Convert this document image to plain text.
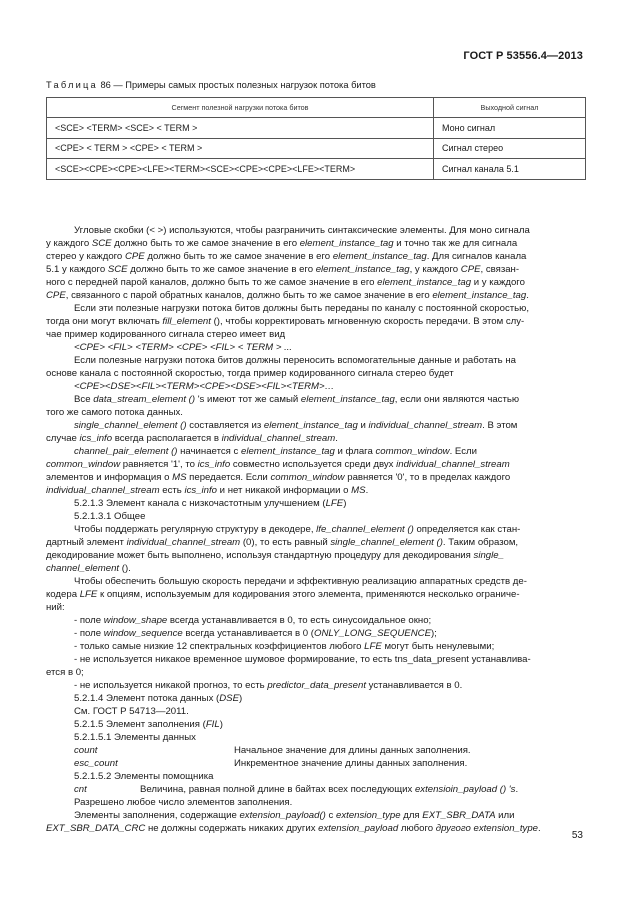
ГОСТ Р 53556.4—2013
Таблица 86 — Примеры самых простых полезных нагрузок потока битов
Сегмент полезной нагрузки потока битов	Выходной сигнал
<SCE> <TERM> <SCE> < TERM >	Моно сигнал
<CPE> < TERM > <CPE> < TERM >	Сигнал стерео
<SCE><CPE><CPE><LFE><TERM><SCE><CPE><CPE><LFE><TERM>	Сигнал канала 5.1

Угловые скобки (< >) используются, чтобы разграничить синтаксические элементы. Для моно сигнала

у каждого SCE должно быть то же самое значение в его element_instance_tag и точно так же для сигнала

стерео у каждого CPE должно быть то же самое значение в его element_instance_tag. Для сигналов канала

5.1 у каждого SCE должно быть то же самое значение в его element_instance_tag, у каждого CPE, связан-

ного с передней парой каналов, должно быть то же самое значение в его element_instance_tag и у каждого

CPE, связанного с парой обратных каналов, должно быть то же самое значение в его element_instance_tag.

Если эти полезные нагрузки потока битов должны быть переданы по каналу с постоянной скоростью,

тогда они могут включать fill_element (), чтобы корректировать мгновенную скорость передачи. В этом слу-

чае пример кодированного сигнала стерео имеет вид

<CPE> <FIL> <TERM> <CPE> <FIL> < TERM > ...

Если полезные нагрузки потока битов должны переносить вспомогательные данные и работать на

основе канала с постоянной скоростью, тогда пример кодированного сигнала стерео будет

<CPE><DSE><FIL><TERM><CPE><DSE><FIL><TERM>…

Все data_stream_element () 's имеют тот же самый element_instance_tag, если они являются частью

того же самого потока данных.

single_channel_element () составляется из element_instance_tag и individual_channel_stream. В этом

случае ics_info всегда располагается в individual_channel_stream.

channel_pair_element () начинается с element_instance_tag и флага common_window. Если

common_window равняется '1', то ics_info совместно используется среди двух individual_channel_stream

элементов и информация о MS передается. Если common_window равняется '0', то в пределах каждого

individual_channel_stream есть ics_info и нет никакой информации о MS.

5.2.1.3 Элемент канала с низкочастотным улучшением (LFE)

5.2.1.3.1 Общее

Чтобы поддержать регулярную структуру в декодере, lfe_channel_element () определяется как стан-

дартный элемент individual_channel_stream (0), то есть равный single_channel_element (). Таким образом,

декодирование может быть выполнено, используя стандартную процедуру для декодирования single_

channel_element ().

Чтобы обеспечить большую скорость передачи и эффективную реализацию аппаратных средств де-

кодера LFE к опциям, используемым для кодирования этого элемента, применяются несколько ограниче-

ний:

- поле window_shape всегда устанавливается в 0, то есть синусоидальное окно;

- поле window_sequence всегда устанавливается в 0 (ONLY_LONG_SEQUENCE);

- только самые низкие 12 спектральных коэффициентов любого LFE могут быть ненулевыми;

- не используется никакое временное шумовое формирование, то есть tns_data_present устанавлива-

ется в 0;

- не используется никакой прогноз, то есть predictor_data_present устанавливается в 0.

5.2.1.4 Элемент потока данных (DSE)

См. ГОСТ Р 54713—2011.

5.2.1.5 Элемент заполнения (FIL)

5.2.1.5.1 Элементы данных

count	Начальное значение для длины данных заполнения.
esc_count	Инкрементное значение длины данных заполнения.

5.2.1.5.2 Элементы помощника

cnt	Величина, равная полной длине в байтах всех последующих extensioin_payload () 's.

Разрешено любое число элементов заполнения.

Элементы заполнения, содержащие extension_payload() с extension_type для EXT_SBR_DATA или

EXT_SBR_DATA_CRC не должны содержать никаких других extension_payload любого другого extension_type.

53
